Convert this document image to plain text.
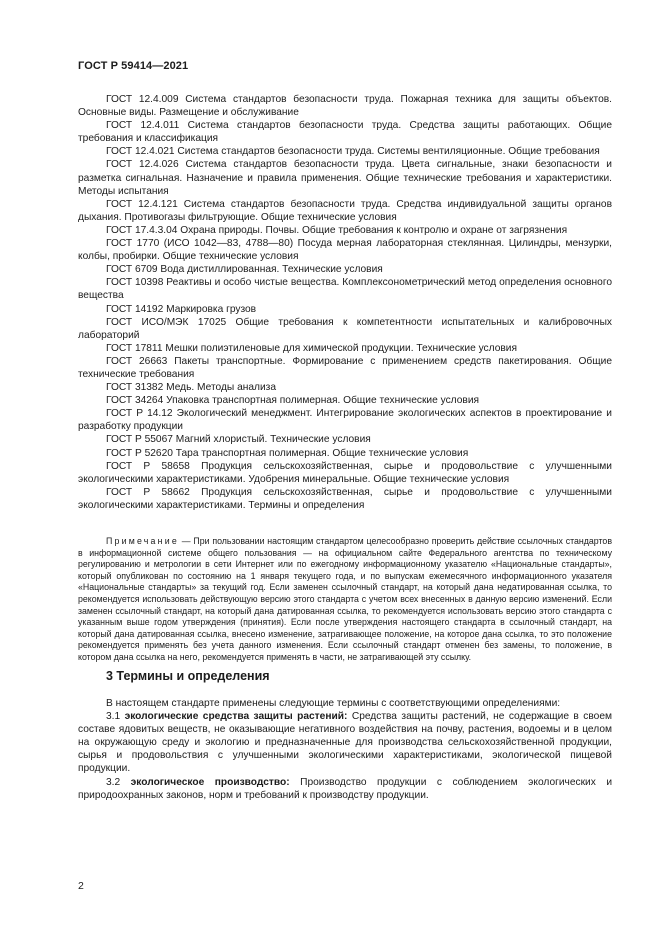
ГОСТ Р 59414—2021

ГОСТ 12.4.009 Система стандартов безопасности труда. Пожарная техника для защиты объектов. Основные виды. Размещение и обслуживание

ГОСТ 12.4.011 Система стандартов безопасности труда. Средства защиты работающих. Общие требования и классификация

ГОСТ 12.4.021 Система стандартов безопасности труда. Системы вентиляционные. Общие требования

ГОСТ 12.4.026 Система стандартов безопасности труда. Цвета сигнальные, знаки безопасности и разметка сигнальная. Назначение и правила применения. Общие технические требования и характеристики. Методы испытания

ГОСТ 12.4.121 Система стандартов безопасности труда. Средства индивидуальной защиты органов дыхания. Противогазы фильтрующие. Общие технические условия

ГОСТ 17.4.3.04 Охрана природы. Почвы. Общие требования к контролю и охране от загрязнения

ГОСТ 1770 (ИСО 1042—83, 4788—80) Посуда мерная лабораторная стеклянная. Цилиндры, мензурки, колбы, пробирки. Общие технические условия

ГОСТ 6709 Вода дистиллированная. Технические условия

ГОСТ 10398 Реактивы и особо чистые вещества. Комплексонометрический метод определения основного вещества

ГОСТ 14192 Маркировка грузов

ГОСТ ИСО/МЭК 17025 Общие требования к компетентности испытательных и калибровочных лабораторий

ГОСТ 17811 Мешки полиэтиленовые для химической продукции. Технические условия

ГОСТ 26663 Пакеты транспортные. Формирование с применением средств пакетирования. Общие технические требования

ГОСТ 31382 Медь. Методы анализа

ГОСТ 34264 Упаковка транспортная полимерная. Общие технические условия

ГОСТ Р 14.12 Экологический менеджмент. Интегрирование экологических аспектов в проектирование и разработку продукции

ГОСТ Р 55067 Магний хлористый. Технические условия

ГОСТ Р 52620 Тара транспортная полимерная. Общие технические условия

ГОСТ Р 58658 Продукция сельскохозяйственная, сырье и продовольствие с улучшенными экологическими характеристиками. Удобрения минеральные. Общие технические условия

ГОСТ Р 58662 Продукция сельскохозяйственная, сырье и продовольствие с улучшенными экологическими характеристиками. Термины и определения

Примечание — При пользовании настоящим стандартом целесообразно проверить действие ссылочных стандартов в информационной системе общего пользования — на официальном сайте Федерального агентства по техническому регулированию и метрологии в сети Интернет или по ежегодному информационному указателю «Национальные стандарты», который опубликован по состоянию на 1 января текущего года, и по выпускам ежемесячного информационного указателя «Национальные стандарты» за текущий год. Если заменен ссылочный стандарт, на который дана недатированная ссылка, то рекомендуется использовать действующую версию этого стандарта с учетом всех внесенных в данную версию изменений. Если заменен ссылочный стандарт, на который дана датированная ссылка, то рекомендуется использовать версию этого стандарта с указанным выше годом утверждения (принятия). Если после утверждения настоящего стандарта в ссылочный стандарт, на который дана датированная ссылка, внесено изменение, затрагивающее положение, на которое дана ссылка, то это положение рекомендуется применять без учета данного изменения. Если ссылочный стандарт отменен без замены, то положение, в котором дана ссылка на него, рекомендуется применять в части, не затрагивающей эту ссылку.

3 Термины и определения

В настоящем стандарте применены следующие термины с соответствующими определениями:

3.1 экологические средства защиты растений: Средства защиты растений, не содержащие в своем составе ядовитых веществ, не оказывающие негативного воздействия на почву, растения, водоемы и в целом на окружающую среду и экологию и предназначенные для производства сельскохозяйственной продукции, сырья и продовольствия с улучшенными экологическими характеристиками, экологической пищевой продукции.

3.2 экологическое производство: Производство продукции с соблюдением экологических и природоохранных законов, норм и требований к производству продукции.

2
